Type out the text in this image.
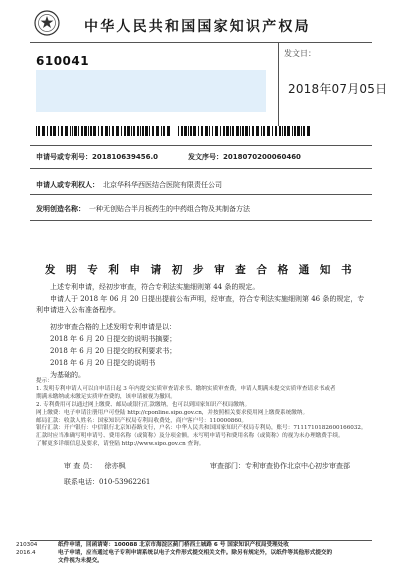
中华人民共和国国家知识产权局
610041
发文日：
2018年07月05日
申请号或专利号：201810639456.0	发文序号：2018070200060460
申请人或专利权人： 北京华科华西医结合医院有限责任公司
发明创造名称： 一种无创贴合半月板药生的中药组合物及其制备方法
发 明 专 利 申 请 初 步 审 查 合 格 通 知 书
上述专利申请，经初步审查，符合专利法实施细则第 44 条的规定。
申请人于 2018 年 06 月 20 日提出提前公布声明，经审查，符合专利法实施细则第 46 条的规定，专利申请进入公布准备程序。
初步审查合格的上述发明专利申请是以：
2018 年 6 月 20 日提交的说明书摘要；
2018 年 6 月 20 日提交的权利要求书；
2018 年 6 月 20 日提交的说明书
为基础的。

提示：

1. 发明专利申请人可以自申请日起 3 年内提交实质审查请求书、缴纳实质审查费，申请人期满未提交实质审查请求书或者

期满未缴纳或未缴足实质审查费的，该申请被视为撤回。

2. 专利费用可以通过网上缴费、邮局或银行汇款缴纳，也可以到国家知识产权局缴纳。

网上缴费：电子申请注册用户可登陆 http://cponline.sipo.gov.cn，并按照相关要求使用网上缴费系统缴纳。

邮局汇款：收款人姓名：国家知识产权局专利局收费处，商户客户号：110000860。

银行汇款：开户银行：中信银行北京知春路支行，户名：中华人民共和国国家知识产权局专利局，账号：7111710182600166032。

汇款时应当准确写明申请号、费用名称（或简称）及分项金额。未写明申请号和费用名称（或简称）的视为未办理缴费手续。

了解更多详细信息及要求，请登陆 http://www.sipo.gov.cn 查询。

审 查 员： 徐亦枫	审查部门：专利审查协作北京中心初步审查部
210304
2016.4
纸件申请，回函请寄：100088 北京市海淀区蓟门桥西土城路 6 号 国家知识产权局受理处收
电子申请，应当通过电子专利申请系统以电子文件形式提交相关文件。除另有规定外，以纸件等其他形式提交的
联系电话：010-53962261
文件视为未提交。
